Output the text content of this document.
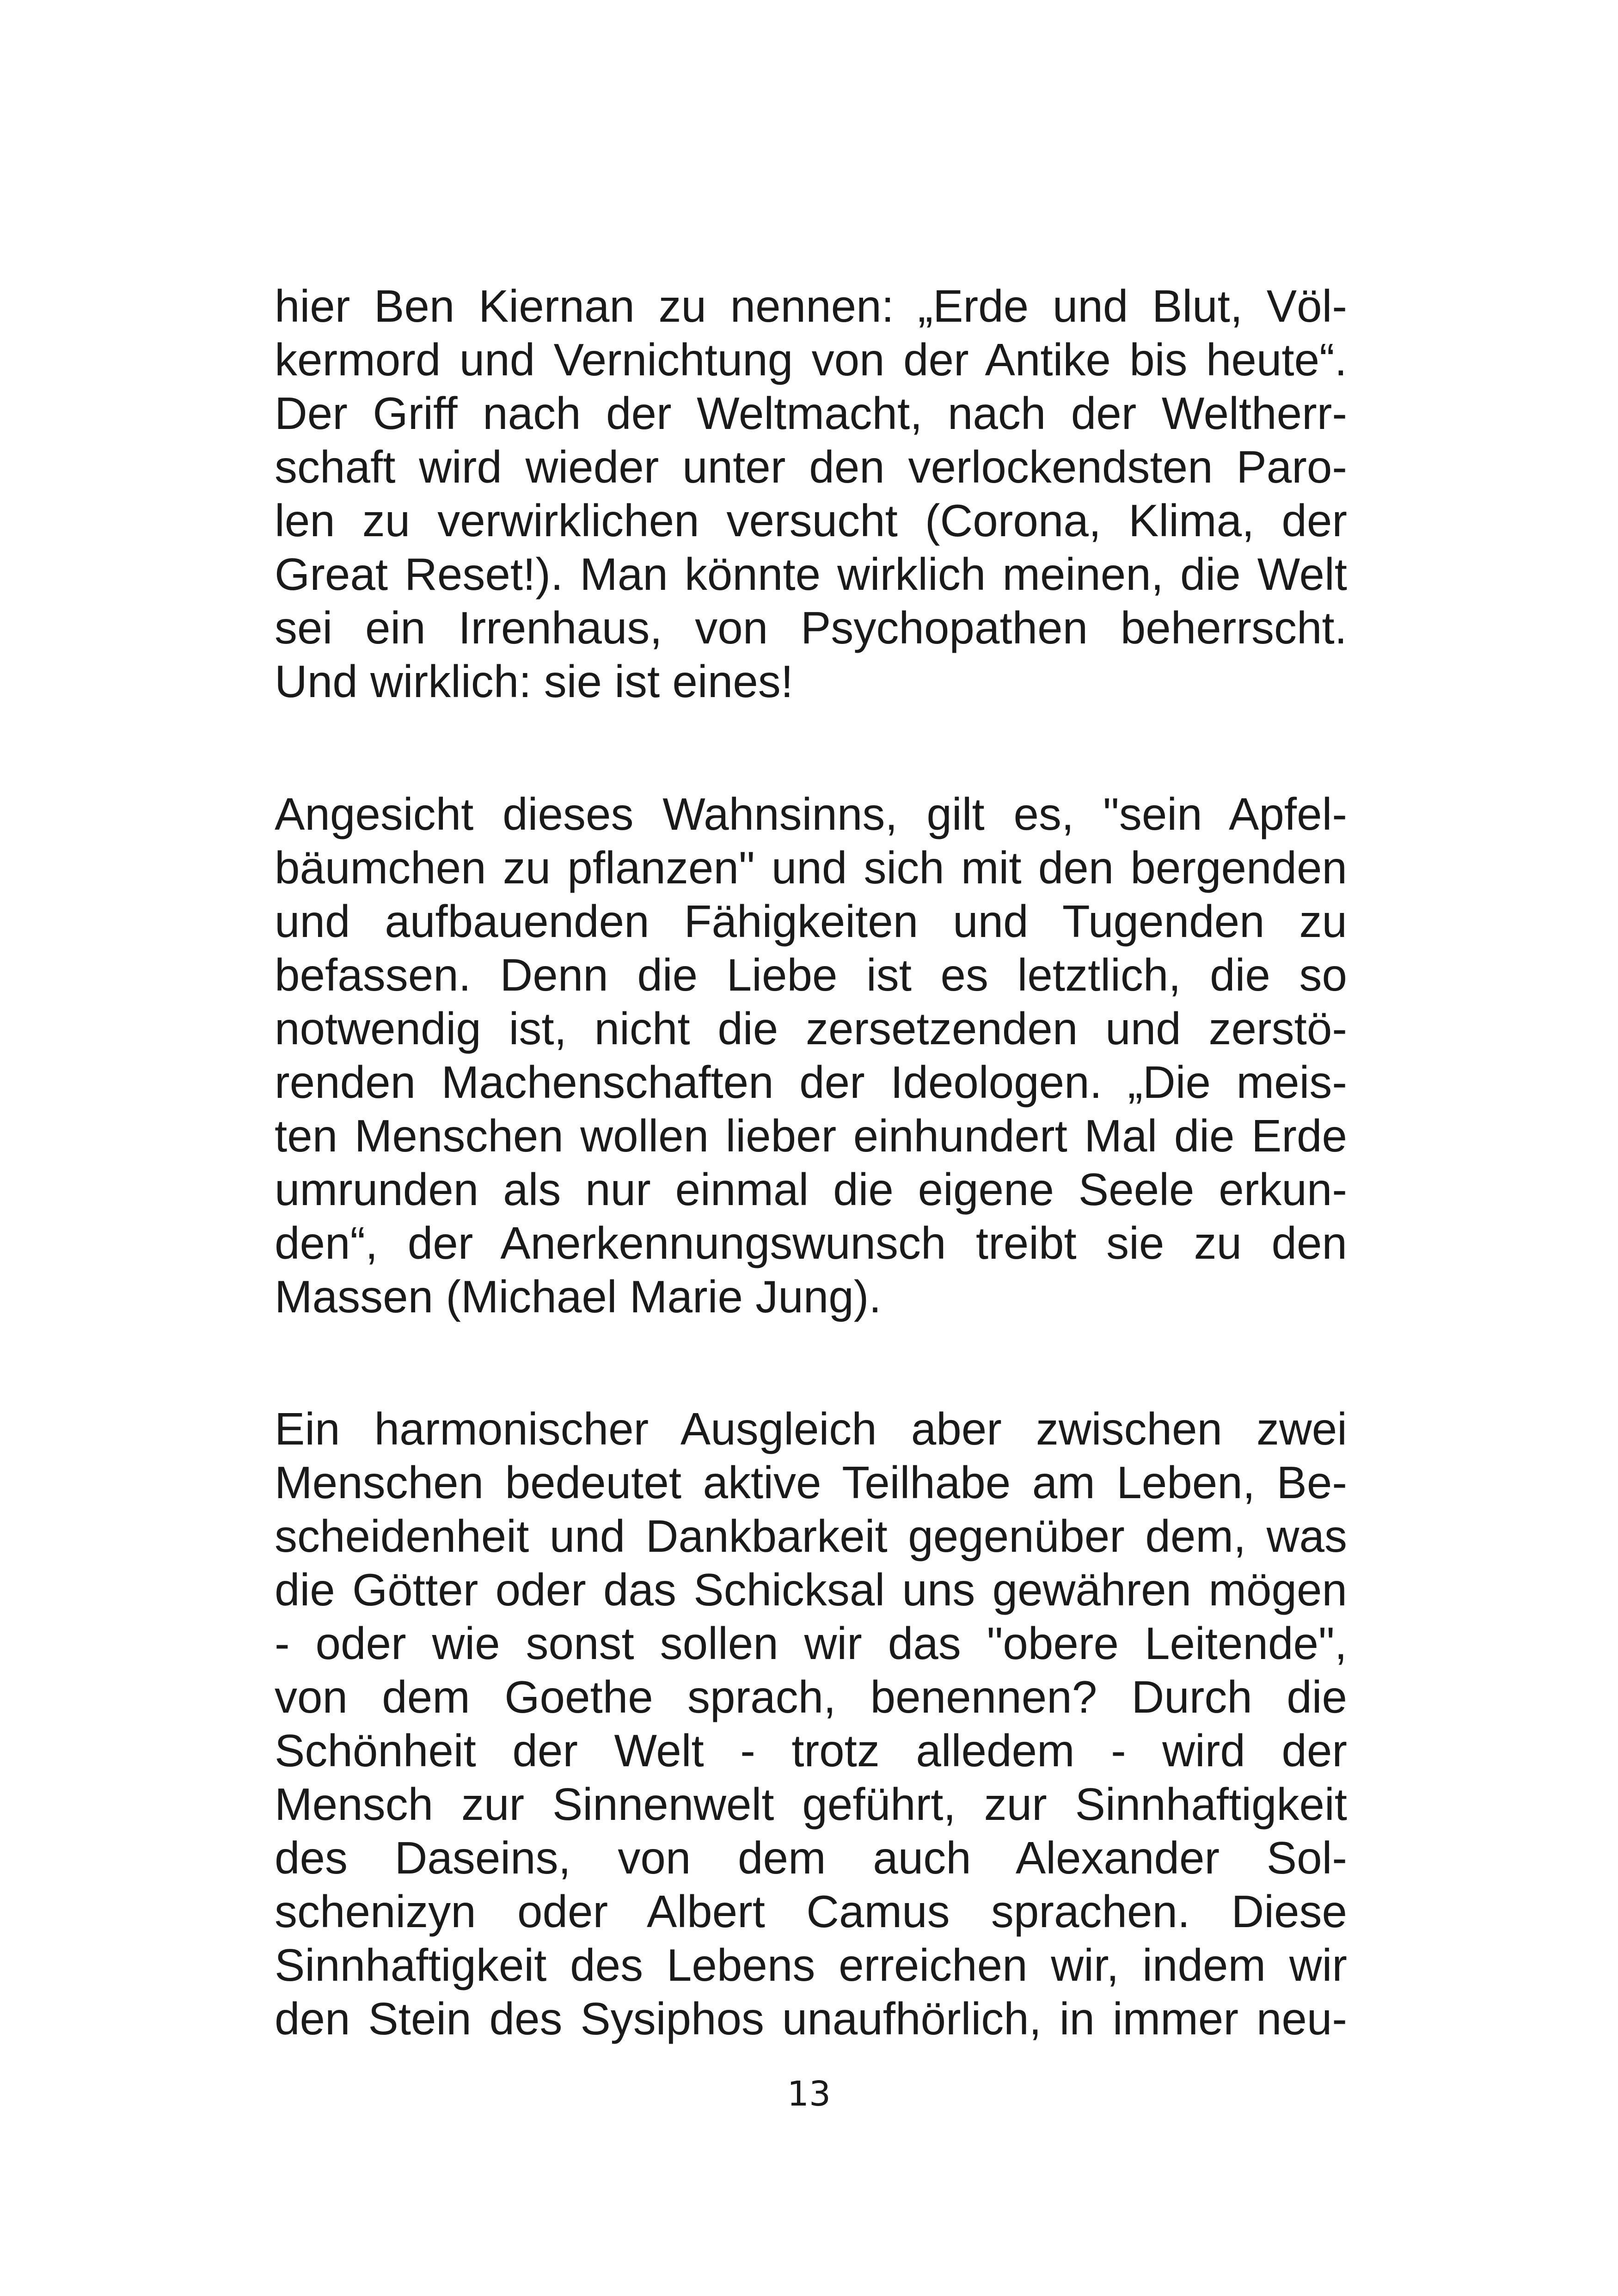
hier Ben Kiernan zu nennen: „Erde und Blut, Völ-
kermord und Vernichtung von der Antike bis heute“.
Der Griff nach der Weltmacht, nach der Weltherr-
schaft wird wieder unter den verlockendsten Paro-
len zu verwirklichen versucht (Corona, Klima, der
Great Reset!). Man könnte wirklich meinen, die Welt
sei ein Irrenhaus, von Psychopathen beherrscht.
Und wirklich: sie ist eines!
Angesicht dieses Wahnsinns, gilt es, "sein Apfel-
bäumchen zu pflanzen" und sich mit den bergenden
und aufbauenden Fähigkeiten und Tugenden zu
befassen. Denn die Liebe ist es letztlich, die so
notwendig ist, nicht die zersetzenden und zerstö-
renden Machenschaften der Ideologen. „Die meis-
ten Menschen wollen lieber einhundert Mal die Erde
umrunden als nur einmal die eigene Seele erkun-
den“, der Anerkennungswunsch treibt sie zu den
Massen (Michael Marie Jung).
Ein harmonischer Ausgleich aber zwischen zwei
Menschen bedeutet aktive Teilhabe am Leben, Be-
scheidenheit und Dankbarkeit gegenüber dem, was
die Götter oder das Schicksal uns gewähren mögen
- oder wie sonst sollen wir das "obere Leitende",
von dem Goethe sprach, benennen? Durch die
Schönheit der Welt - trotz alledem - wird der
Mensch zur Sinnenwelt geführt, zur Sinnhaftigkeit
des Daseins, von dem auch Alexander Sol-
schenizyn oder Albert Camus sprachen. Diese
Sinnhaftigkeit des Lebens erreichen wir, indem wir
den Stein des Sysiphos unaufhörlich, in immer neu-
13
